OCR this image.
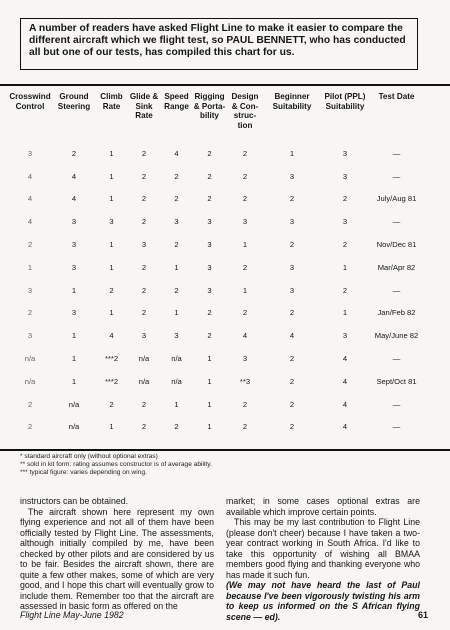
A number of readers have asked Flight Line to make it easier to compare the different aircraft which we flight test, so PAUL BENNETT, who has conducted all but one of our tests, has compiled this chart for us.
Crosswind Control	Ground Steering	Climb Rate	Glide & Sink Rate	Speed Range	Rigging & Porta-bility	Design & Con-struc-tion	Beginner Suitability	Pilot (PPL) Suitability	Test Date
3	2	1	2	4	2	2	1	3	—
4	4	1	2	2	2	2	3	3	—
4	4	1	2	2	2	2	2	2	July/Aug 81
4	3	3	2	3	3	3	3	3	—
2	3	1	3	2	3	1	2	2	Nov/Dec 81
1	3	1	2	1	3	2	3	1	Mar/Apr 82
3	1	2	2	2	3	1	3	2	—
2	3	1	2	1	2	2	2	1	Jan/Feb 82
3	1	4	3	3	2	4	4	3	May/June 82
n/a	1	***2	n/a	n/a	1	3	2	4	—
n/a	1	***2	n/a	n/a	1	**3	2	4	Sept/Oct 81
2	n/a	2	2	1	1	2	2	4	—
2	n/a	1	2	2	1	2	2	4	—
* standard aircraft only (without optional extras)
** sold in kit form: rating assumes constructor is of average ability.
*** typical figure: varies depending on wing.

instructors can be obtained.

The aircraft shown here represent my own flying experience and not all of them have been officially tested by Flight Line. The assessments, although initially compiled by me, have been checked by other pilots and are considered by us to be fair. Besides the aircraft shown, there are quite a few other makes, some of which are very good, and I hope this chart will eventually grow to include them. Remember too that the aircraft are assessed in basic form as offered on the

market; in some cases optional extras are available which improve certain points.

This may be my last contribution to Flight Line (please don't cheer) because I have taken a two-year contract working in South Africa. I'd like to take this opportunity of wishing all BMAA members good flying and thanking everyone who has made it such fun.

(We may not have heard the last of Paul because I've been vigorously twisting his arm to keep us informed on the S African flying scene — ed).

Flight Line May-June 1982	61
